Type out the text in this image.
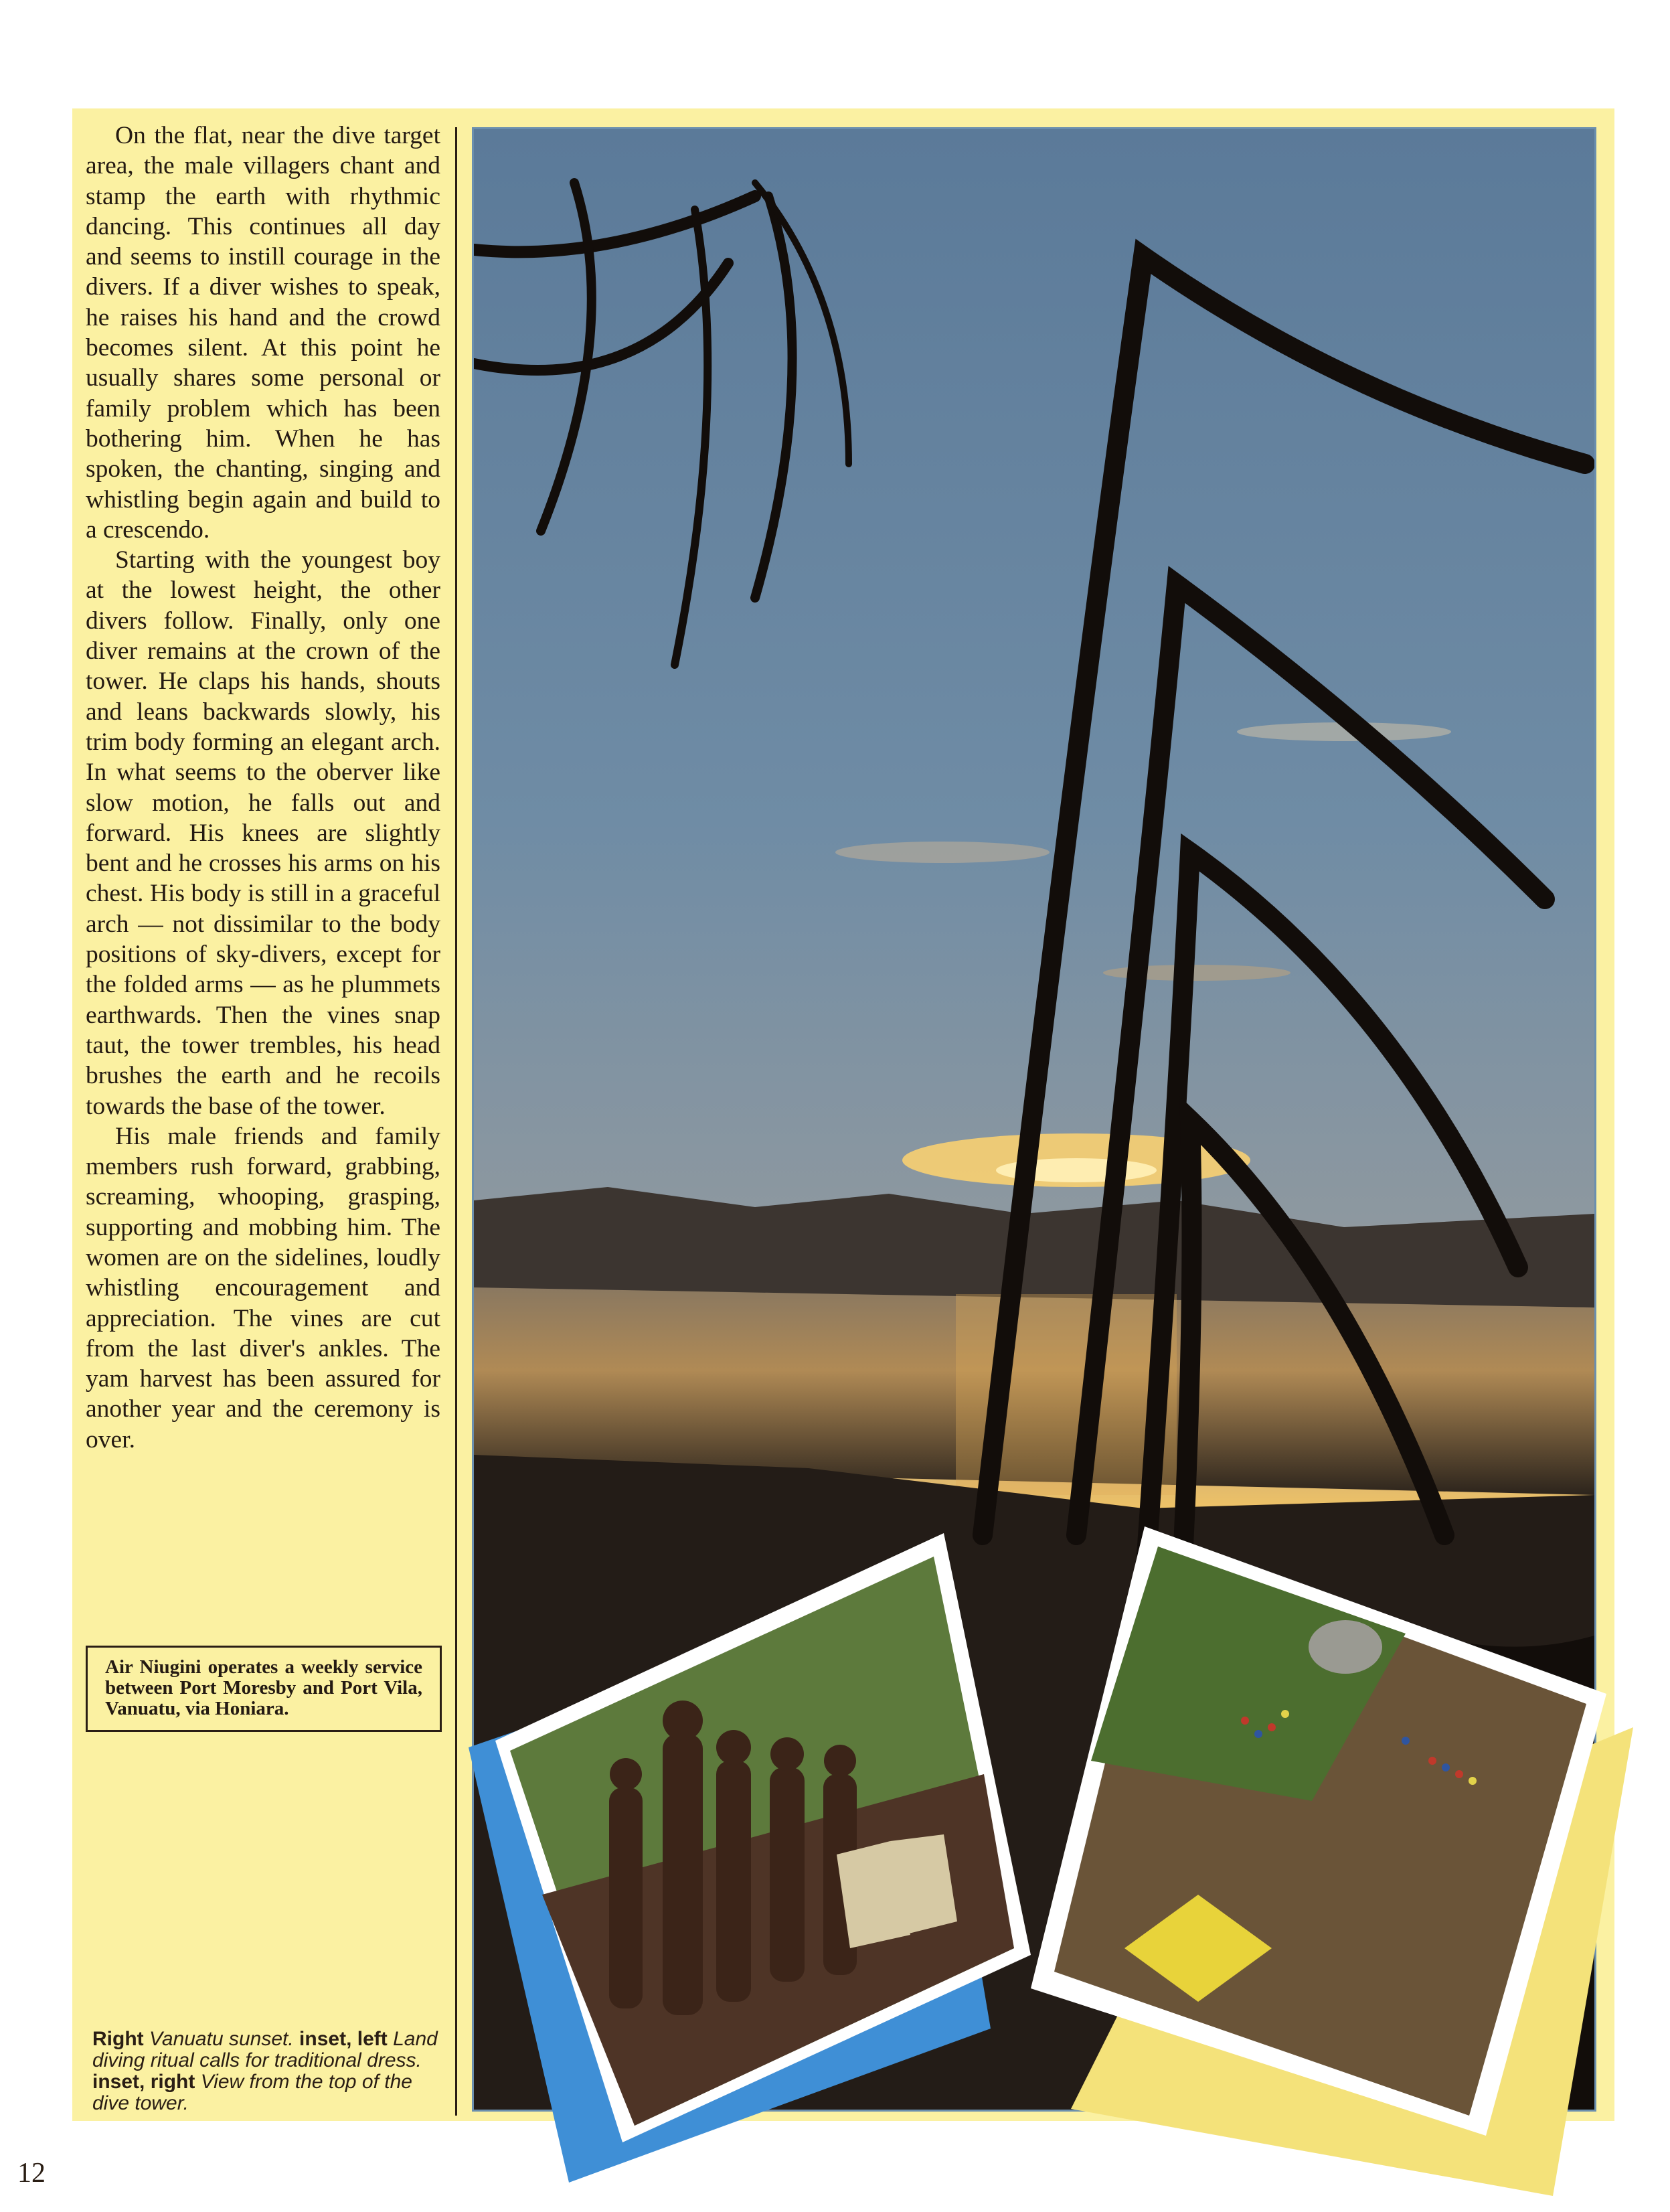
On the flat, near the dive target area, the male villagers chant and stamp the earth with rhythmic dancing. This continues all day and seems to instill courage in the divers. If a diver wishes to speak, he raises his hand and the crowd becomes silent. At this point he usually shares some personal or family problem which has been bothering him. When he has spoken, the chanting, singing and whistling begin again and build to a crescendo.

Starting with the youngest boy at the lowest height, the other divers follow. Finally, only one diver remains at the crown of the tower. He claps his hands, shouts and leans backwards slowly, his trim body forming an elegant arch. In what seems to the oberver like slow motion, he falls out and forward. His knees are slightly bent and he crosses his arms on his chest. His body is still in a graceful arch — not dissimilar to the body positions of sky-divers, except for the folded arms — as he plummets earthwards. Then the vines snap taut, the tower trembles, his head brushes the earth and he recoils towards the base of the tower.

His male friends and family members rush forward, grabbing, screaming, whooping, grasping, supporting and mobbing him. The women are on the sidelines, loudly whistling encouragement and appreciation. The vines are cut from the last diver's ankles. The yam harvest has been assured for another year and the ceremony is over.

Air Niugini operates a weekly service between Port Moresby and Port Vila, Vanuatu, via Honiara.
Right Vanuatu sunset. inset, left Land diving ritual calls for traditional dress. inset, right View from the top of the dive tower.
12
